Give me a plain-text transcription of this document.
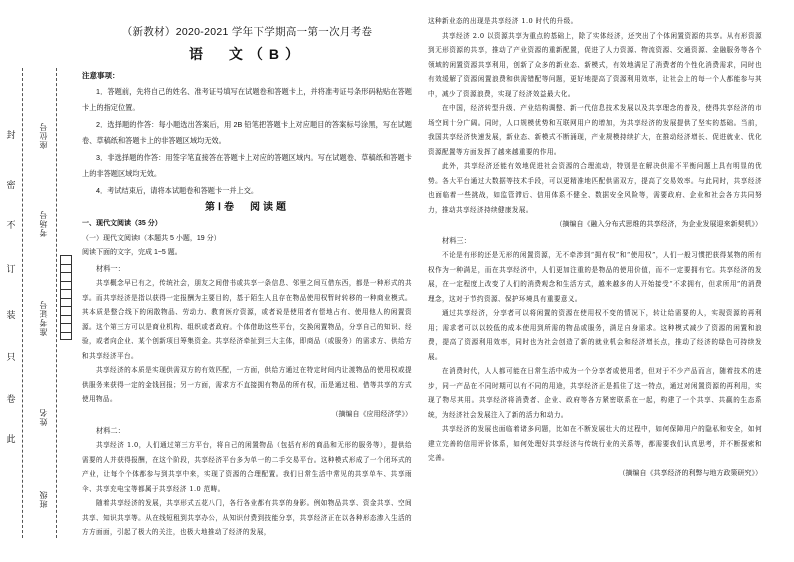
封
密
不
订
装
只
卷
此
座位号
考场号
准考证号
姓名
班级
（新教材）2020-2021 学年下学期高一第一次月考卷
语　文（B）
注意事项：
1．答题前，先将自己的姓名、准考证号填写在试题卷和答题卡上，并将准考证号条形码粘贴在答题卡上的指定位置。
2．选择题的作答：每小题选出答案后，用 2B 铅笔把答题卡上对应题目的答案标号涂黑，写在试题卷、草稿纸和答题卡上的非答题区域均无效。
3．非选择题的作答：用签字笔直接答在答题卡上对应的答题区域内。写在试题卷、草稿纸和答题卡上的非答题区域均无效。
4．考试结束后，请将本试题卷和答题卡一并上交。
第Ⅰ卷　阅读题
一、现代文阅读（35 分）
（一）现代文阅读Ⅰ（本题共 5 小题，19 分）
阅读下面的文字，完成 1~5 题。
材料一：
共享概念早已有之，传统社会，朋友之间借书或共享一条信息、邻里之间互借东西，都是一种形式的共享。而共享经济是指以获得一定报酬为主要目的，基于陌生人且存在物品使用权暂时转移的一种商业模式。其本质是整合线下的闲散物品、劳动力、教育医疗资源，或者说是使用者有偿地占有、使用他人的闲置资源。这个第三方可以是商业机构、组织或者政府。个体借助这些平台，交换闲置物品，分享自己的知识、经验，或者向企业、某个创新项目筹集资金。共享经济牵扯到三大主体，即商品（或服务）的需求方、供给方和共享经济平台。
共享经济的本质是实现供需双方的有效匹配，一方面，供给方通过在特定时间内让渡物品的使用权或提供服务来获得一定的金钱回报；另一方面，需求方不直接拥有物品的所有权，而是通过租、借等共享的方式使用物品。
（摘编自《应用经济学》）
材料二：
共享经济 1.0，人们通过第三方平台，将自己的闲置物品（包括有形的商品和无形的服务等），提供给需要的人并获得报酬，在这个阶段，共享经济平台多为单一的二手交易平台。这种模式形成了一个闭环式的产业，让每个个体都参与到共享中来，实现了资源的合理配置。我们日常生活中常见的共享单车、共享雨伞、共享充电宝等都属于共享经济 1.0 范畴。
随着共享经济的发展，共享形式五花八门，各行各业都有共享的身影。例如物品共享、资金共享、空间共享、知识共享等。从在线短租到共享办公，从知识付费到技能分享，共享经济正在以各种形态渗入生活的方方面面，引起了极大的关注，也极大地推动了经济的发展，
这种新业态的出现是共享经济 1.0 时代的升级。
共享经济 2.0 以资源共享为重点的基础上，除了实体经济，还突出了个体闲置资源的共享。从有形资源到无形资源的共享，推动了产业资源的重新配置，促进了人力资源、物流资源、交通资源、金融服务等各个领域的闲置资源共享利用，创新了众多的新业态、新模式，有效地满足了消费者的个性化消费需求，同时也有效缓解了资源闲置浪费和供需错配等问题，更好地提高了资源利用效率，让社会上的每一个人都能参与其中，减少了资源浪费，实现了经济效益最大化。
在中国，经济转型升级、产业结构调整、新一代信息技术发展以及共享理念的普及，使得共享经济的市场空间十分广阔。同时，人口规模优势和互联网用户的增加，为共享经济的发展提供了坚实的基础。当前，我国共享经济快速发展，新业态、新模式不断涌现，产业规模持续扩大，在推动经济增长、促进就业、优化资源配置等方面发挥了越来越重要的作用。
此外，共享经济还能有效地促进社会资源的合理流动，特别是在解决供需不平衡问题上具有明显的优势。各大平台通过大数据等技术手段，可以更精准地匹配供需双方，提高了交易效率。与此同时，共享经济也面临着一些挑战，如监管滞后、信用体系不健全、数据安全风险等，需要政府、企业和社会各方共同努力，推动共享经济持续健康发展。
（摘编自《融入分布式思维的共享经济，为企业发展迎来新契机》）
材料三：
不论是有形的还是无形的闲置资源，无不牵涉到“拥有权”和“使用权”，人们一般习惯把获得某物的所有权作为一种满足，而在共享经济中，人们更加注重的是物品的使用价值，而不一定要拥有它。共享经济的发展，在一定程度上改变了人们的消费观念和生活方式，越来越多的人开始接受“不求拥有，但求所用”的消费理念，这对于节约资源、保护环境具有重要意义。
通过共享经济，分享者可以将闲置的资源在使用权不变的情况下，转让给需要的人，实现资源的再利用；需求者可以以较低的成本使用到所需的物品或服务，满足自身需求。这种模式减少了资源的闲置和浪费，提高了资源利用效率，同时也为社会创造了新的就业机会和经济增长点，推动了经济的绿色可持续发展。
在消费时代，人人都可能在日常生活中成为一个分享者或使用者，但对于不少产品而言，随着技术的进步，同一产品在不同时期可以有不同的用途，共享经济正是抓住了这一特点，通过对闲置资源的再利用，实现了物尽其用。共享经济将消费者、企业、政府等各方紧密联系在一起，构建了一个共享、共赢的生态系统，为经济社会发展注入了新的活力和动力。
共享经济的发展也面临着诸多问题，比如在不断发展壮大的过程中，如何保障用户的隐私和安全，如何建立完善的信用评价体系，如何处理好共享经济与传统行业的关系等，都需要我们认真思考，并不断探索和完善。
（摘编自《共享经济的利弊与地方政策研究》）
